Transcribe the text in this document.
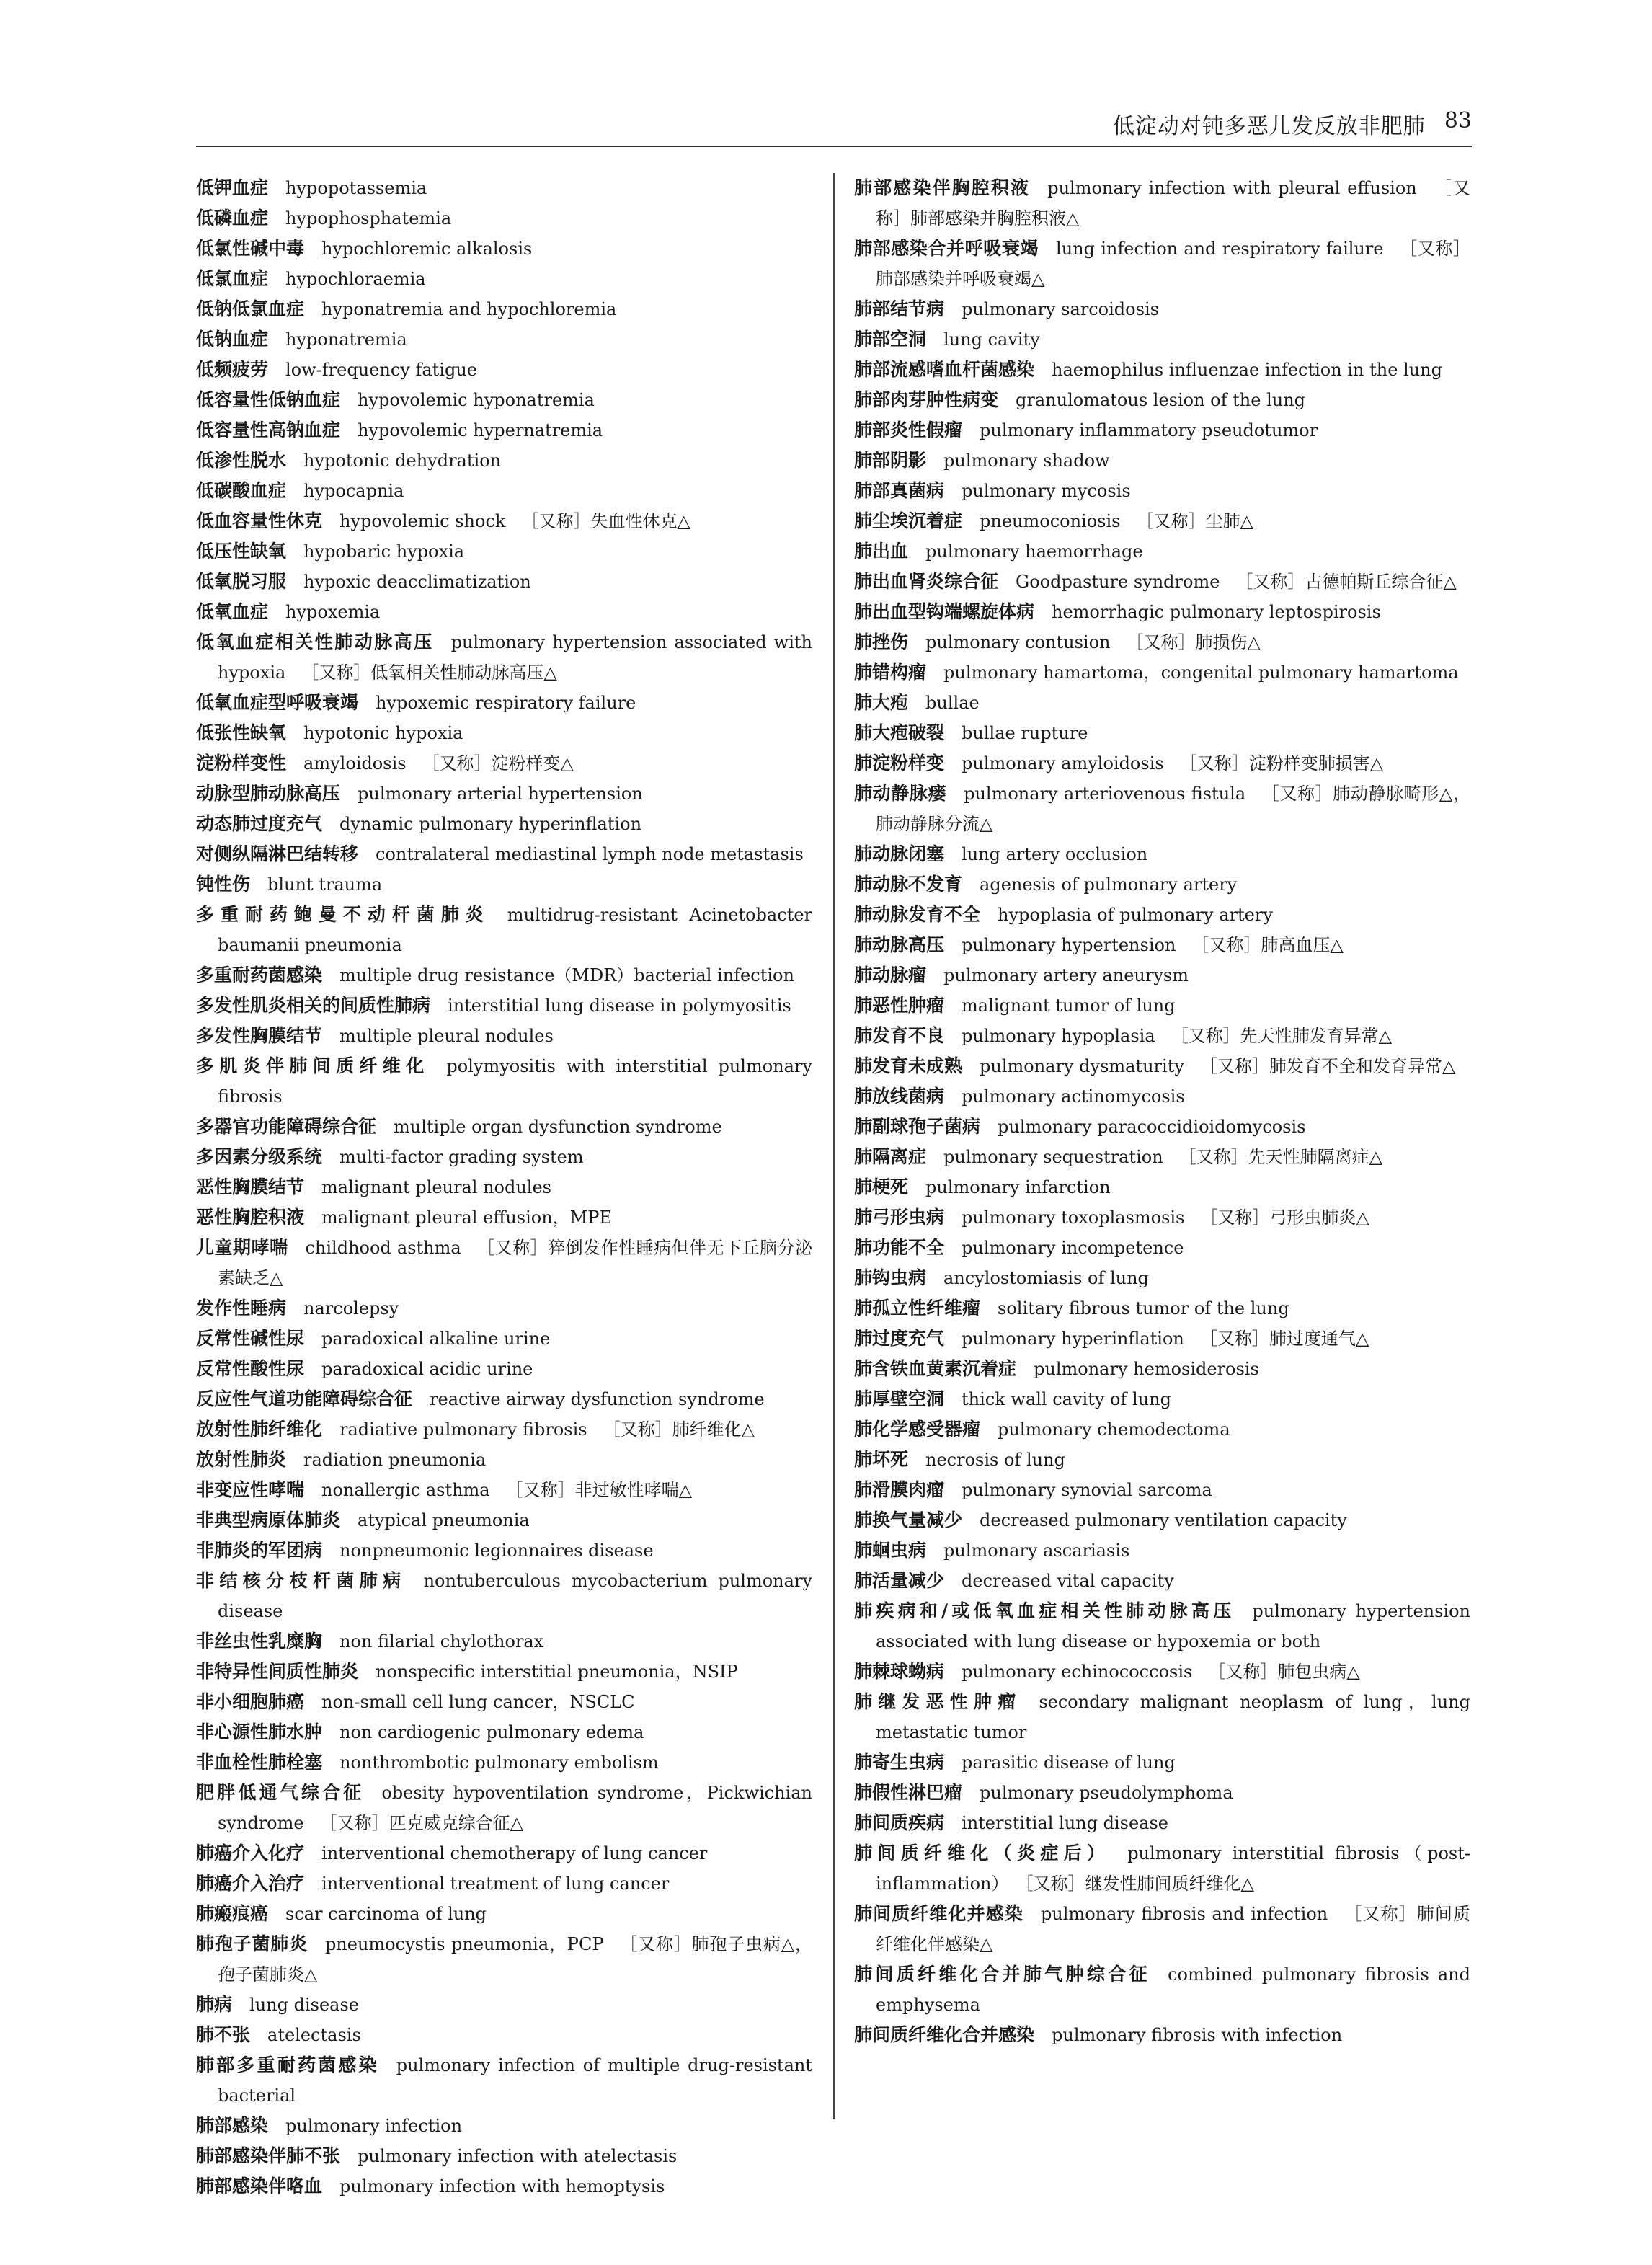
低淀动对钝多恶儿发反放非肥肺 83
低钾血症 hypopotassemia
低磷血症 hypophosphatemia
低氯性碱中毒 hypochloremic alkalosis
低氯血症 hypochloraemia
低钠低氯血症 hyponatremia and hypochloremia
低钠血症 hyponatremia
低频疲劳 low-frequency fatigue
低容量性低钠血症 hypovolemic hyponatremia
低容量性高钠血症 hypovolemic hypernatremia
低渗性脱水 hypotonic dehydration
低碳酸血症 hypocapnia
低血容量性休克 hypovolemic shock ［又称］失血性休克△
低压性缺氧 hypobaric hypoxia
低氧脱习服 hypoxic deacclimatization
低氧血症 hypoxemia
低氧血症相关性肺动脉高压 pulmonary hypertension associated with hypoxia ［又称］低氧相关性肺动脉高压△
低氧血症型呼吸衰竭 hypoxemic respiratory failure
低张性缺氧 hypotonic hypoxia
淀粉样变性 amyloidosis ［又称］淀粉样变△
动脉型肺动脉高压 pulmonary arterial hypertension
动态肺过度充气 dynamic pulmonary hyperinflation
对侧纵隔淋巴结转移 contralateral mediastinal lymph node metastasis
钝性伤 blunt trauma
多重耐药鲍曼不动杆菌肺炎 multidrug-resistant Acinetobacter baumanii pneumonia
多重耐药菌感染 multiple drug resistance（MDR）bacterial infection
多发性肌炎相关的间质性肺病 interstitial lung disease in polymyositis
多发性胸膜结节 multiple pleural nodules
多肌炎伴肺间质纤维化 polymyositis with interstitial pulmonary fibrosis
多器官功能障碍综合征 multiple organ dysfunction syndrome
多因素分级系统 multi-factor grading system
恶性胸膜结节 malignant pleural nodules
恶性胸腔积液 malignant pleural effusion，MPE
儿童期哮喘 childhood asthma ［又称］猝倒发作性睡病但伴无下丘脑分泌素缺乏△
发作性睡病 narcolepsy
反常性碱性尿 paradoxical alkaline urine
反常性酸性尿 paradoxical acidic urine
反应性气道功能障碍综合征 reactive airway dysfunction syndrome
放射性肺纤维化 radiative pulmonary fibrosis ［又称］肺纤维化△
放射性肺炎 radiation pneumonia
非变应性哮喘 nonallergic asthma ［又称］非过敏性哮喘△
非典型病原体肺炎 atypical pneumonia
非肺炎的军团病 nonpneumonic legionnaires disease
非结核分枝杆菌肺病 nontuberculous mycobacterium pulmonary disease
非丝虫性乳糜胸 non filarial chylothorax
非特异性间质性肺炎 nonspecific interstitial pneumonia，NSIP
非小细胞肺癌 non-small cell lung cancer，NSCLC
非心源性肺水肿 non cardiogenic pulmonary edema
非血栓性肺栓塞 nonthrombotic pulmonary embolism
肥胖低通气综合征 obesity hypoventilation syndrome，Pickwichian syndrome ［又称］匹克威克综合征△
肺癌介入化疗 interventional chemotherapy of lung cancer
肺癌介入治疗 interventional treatment of lung cancer
肺瘢痕癌 scar carcinoma of lung
肺孢子菌肺炎 pneumocystis pneumonia，PCP ［又称］肺孢子虫病△，孢子菌肺炎△
肺病 lung disease
肺不张 atelectasis
肺部多重耐药菌感染 pulmonary infection of multiple drug-resistant bacterial
肺部感染 pulmonary infection
肺部感染伴肺不张 pulmonary infection with atelectasis
肺部感染伴咯血 pulmonary infection with hemoptysis
肺部感染伴胸腔积液 pulmonary infection with pleural effusion ［又称］肺部感染并胸腔积液△
肺部感染合并呼吸衰竭 lung infection and respiratory failure ［又称］肺部感染并呼吸衰竭△
肺部结节病 pulmonary sarcoidosis
肺部空洞 lung cavity
肺部流感嗜血杆菌感染 haemophilus influenzae infection in the lung
肺部肉芽肿性病变 granulomatous lesion of the lung
肺部炎性假瘤 pulmonary inflammatory pseudotumor
肺部阴影 pulmonary shadow
肺部真菌病 pulmonary mycosis
肺尘埃沉着症 pneumoconiosis ［又称］尘肺△
肺出血 pulmonary haemorrhage
肺出血肾炎综合征 Goodpasture syndrome ［又称］古德帕斯丘综合征△
肺出血型钩端螺旋体病 hemorrhagic pulmonary leptospirosis
肺挫伤 pulmonary contusion ［又称］肺损伤△
肺错构瘤 pulmonary hamartoma，congenital pulmonary hamartoma
肺大疱 bullae
肺大疱破裂 bullae rupture
肺淀粉样变 pulmonary amyloidosis ［又称］淀粉样变肺损害△
肺动静脉瘘 pulmonary arteriovenous fistula ［又称］肺动静脉畸形△，肺动静脉分流△
肺动脉闭塞 lung artery occlusion
肺动脉不发育 agenesis of pulmonary artery
肺动脉发育不全 hypoplasia of pulmonary artery
肺动脉高压 pulmonary hypertension ［又称］肺高血压△
肺动脉瘤 pulmonary artery aneurysm
肺恶性肿瘤 malignant tumor of lung
肺发育不良 pulmonary hypoplasia ［又称］先天性肺发育异常△
肺发育未成熟 pulmonary dysmaturity ［又称］肺发育不全和发育异常△
肺放线菌病 pulmonary actinomycosis
肺副球孢子菌病 pulmonary paracoccidioidomycosis
肺隔离症 pulmonary sequestration ［又称］先天性肺隔离症△
肺梗死 pulmonary infarction
肺弓形虫病 pulmonary toxoplasmosis ［又称］弓形虫肺炎△
肺功能不全 pulmonary incompetence
肺钩虫病 ancylostomiasis of lung
肺孤立性纤维瘤 solitary fibrous tumor of the lung
肺过度充气 pulmonary hyperinflation ［又称］肺过度通气△
肺含铁血黄素沉着症 pulmonary hemosiderosis
肺厚壁空洞 thick wall cavity of lung
肺化学感受器瘤 pulmonary chemodectoma
肺坏死 necrosis of lung
肺滑膜肉瘤 pulmonary synovial sarcoma
肺换气量减少 decreased pulmonary ventilation capacity
肺蛔虫病 pulmonary ascariasis
肺活量减少 decreased vital capacity
肺疾病和/或低氧血症相关性肺动脉高压 pulmonary hypertension associated with lung disease or hypoxemia or both
肺棘球蚴病 pulmonary echinococcosis ［又称］肺包虫病△
肺继发恶性肿瘤 secondary malignant neoplasm of lung，lung metastatic tumor
肺寄生虫病 parasitic disease of lung
肺假性淋巴瘤 pulmonary pseudolymphoma
肺间质疾病 interstitial lung disease
肺间质纤维化（炎症后） pulmonary interstitial fibrosis（post-inflammation） ［又称］继发性肺间质纤维化△
肺间质纤维化并感染 pulmonary fibrosis and infection ［又称］肺间质纤维化伴感染△
肺间质纤维化合并肺气肿综合征 combined pulmonary fibrosis and emphysema
肺间质纤维化合并感染 pulmonary fibrosis with infection
